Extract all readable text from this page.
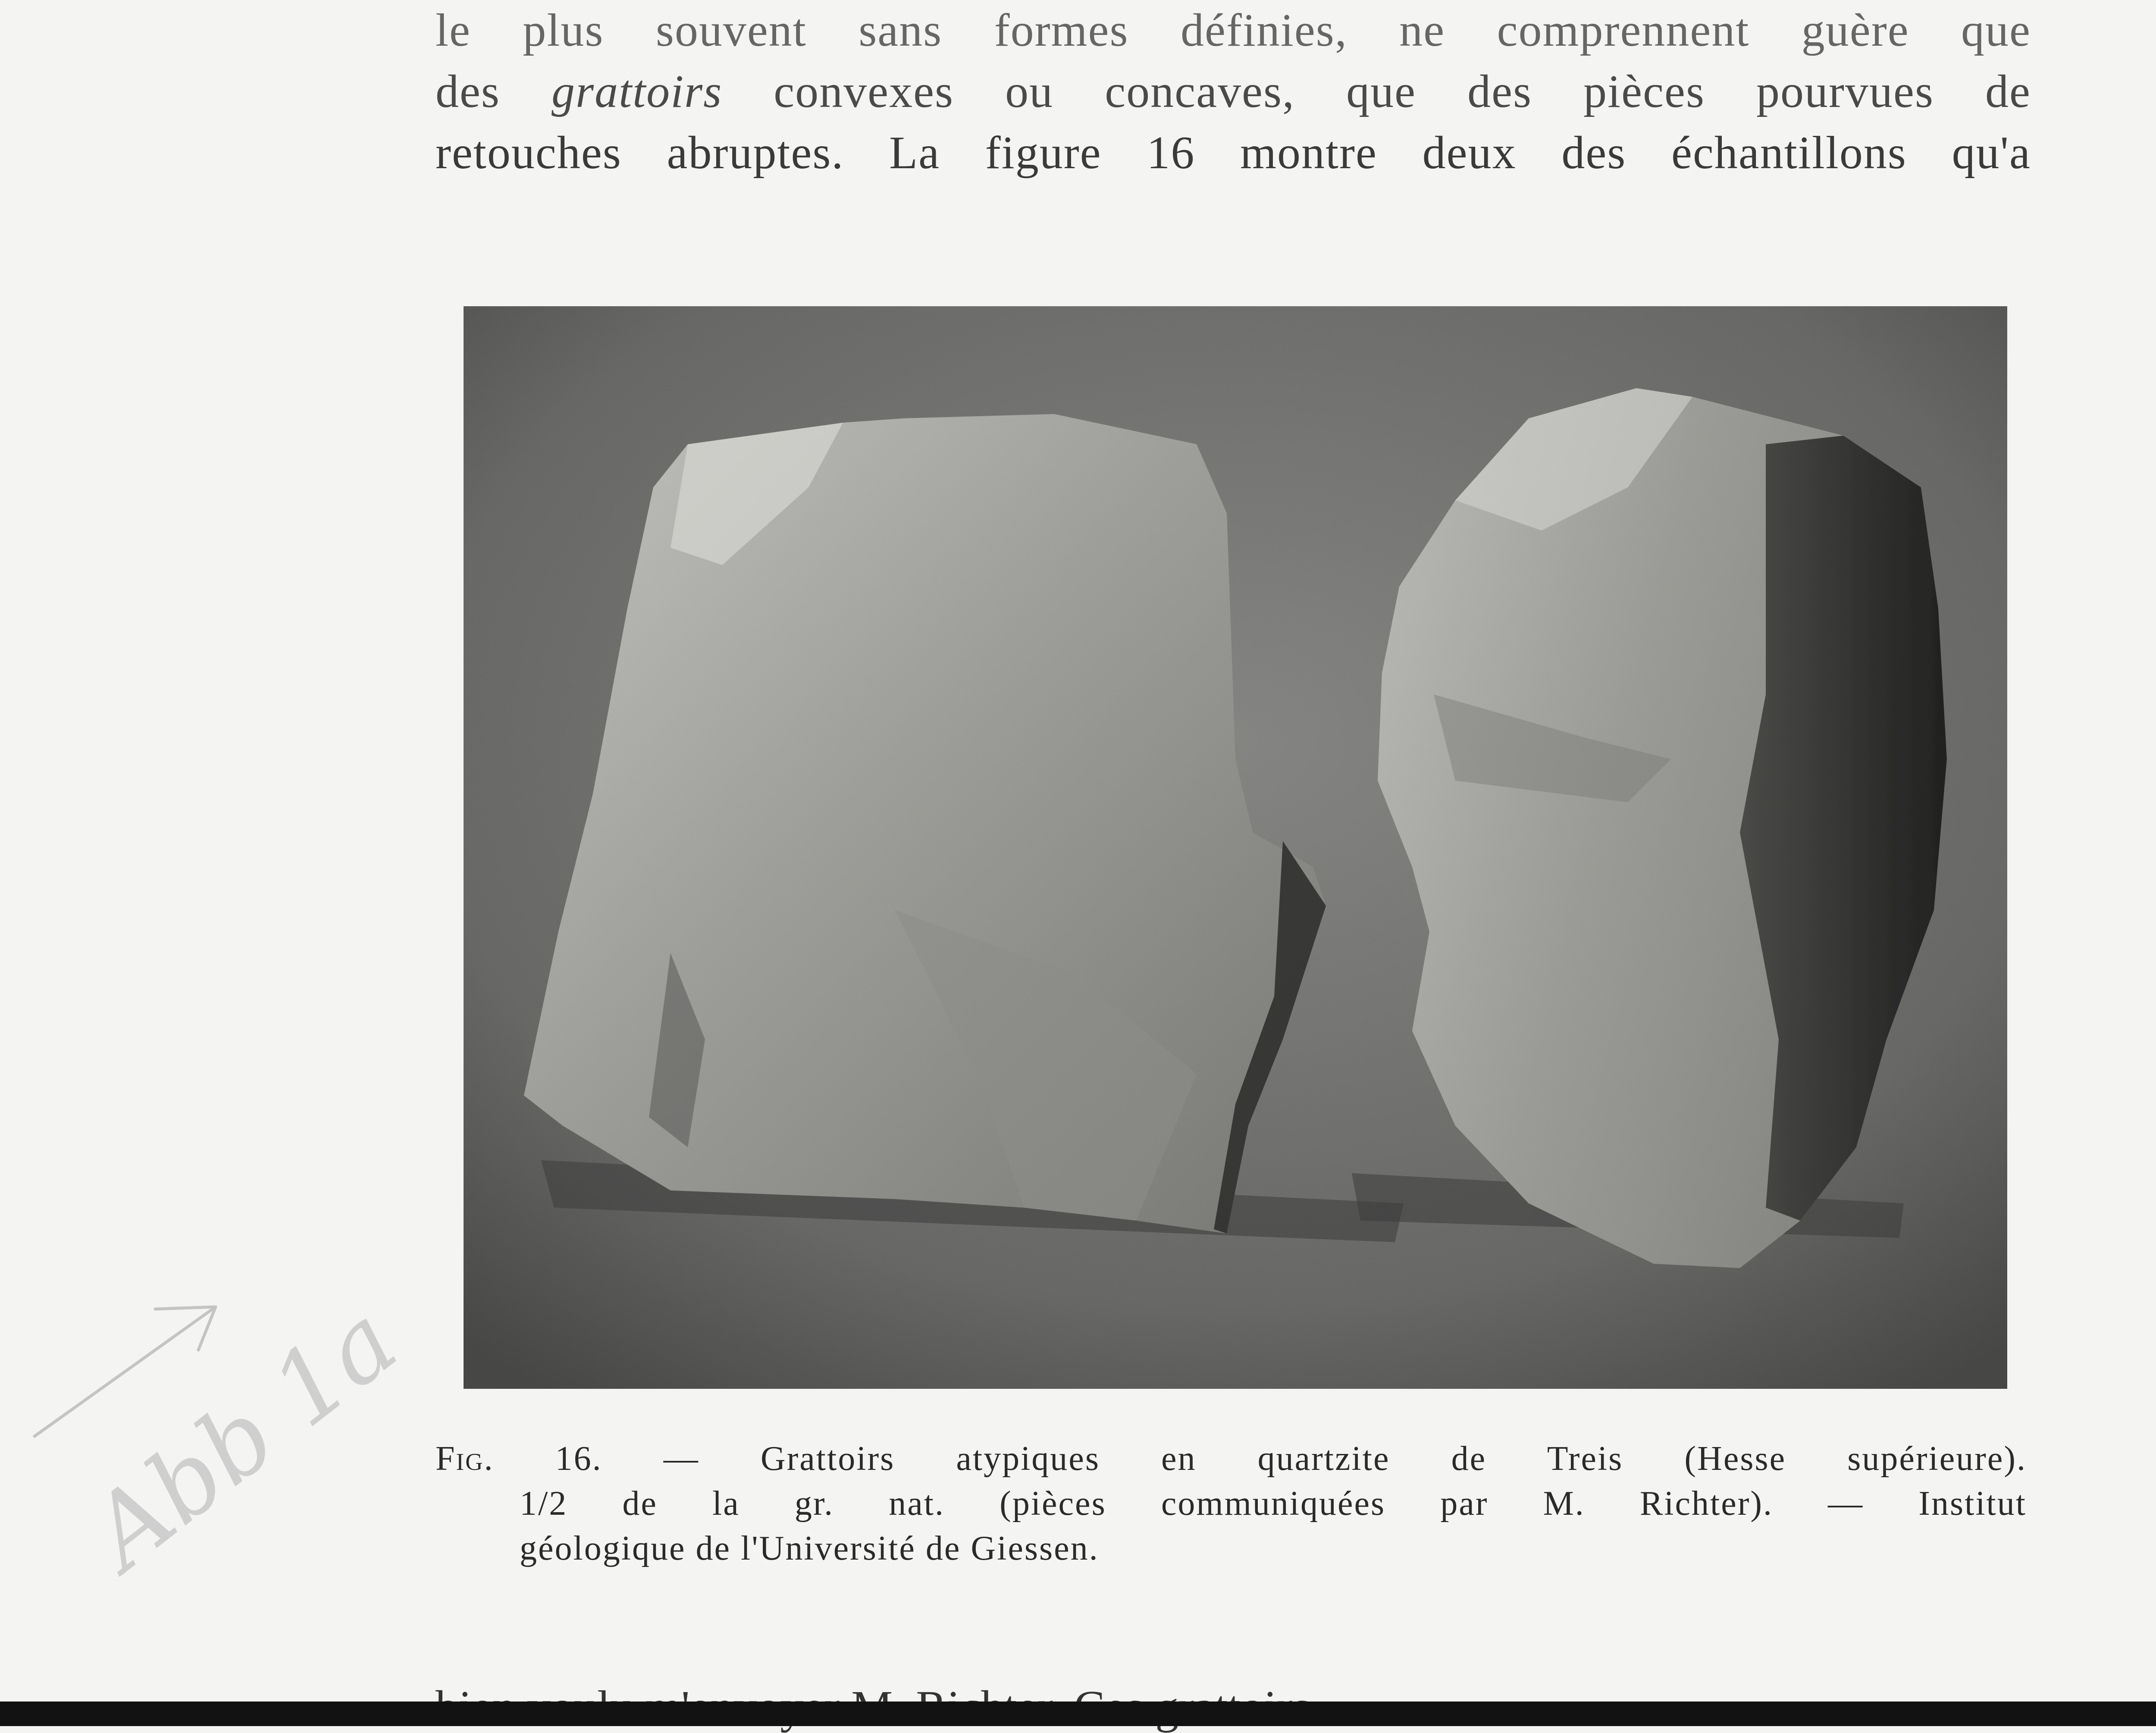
le plus souvent sans formes définies, ne comprennent guère que
des grattoirs convexes ou concaves, que des pièces pourvues de
retouches abruptes. La figure 16 montre deux des échantillons qu'a
Fig. 16. — Grattoirs atypiques en quartzite de Treis (Hesse supérieure).
1/2 de la gr. nat. (pièces communiquées par M. Richter). — Institut
géologique de l'Université de Giessen.
Abb 1a
